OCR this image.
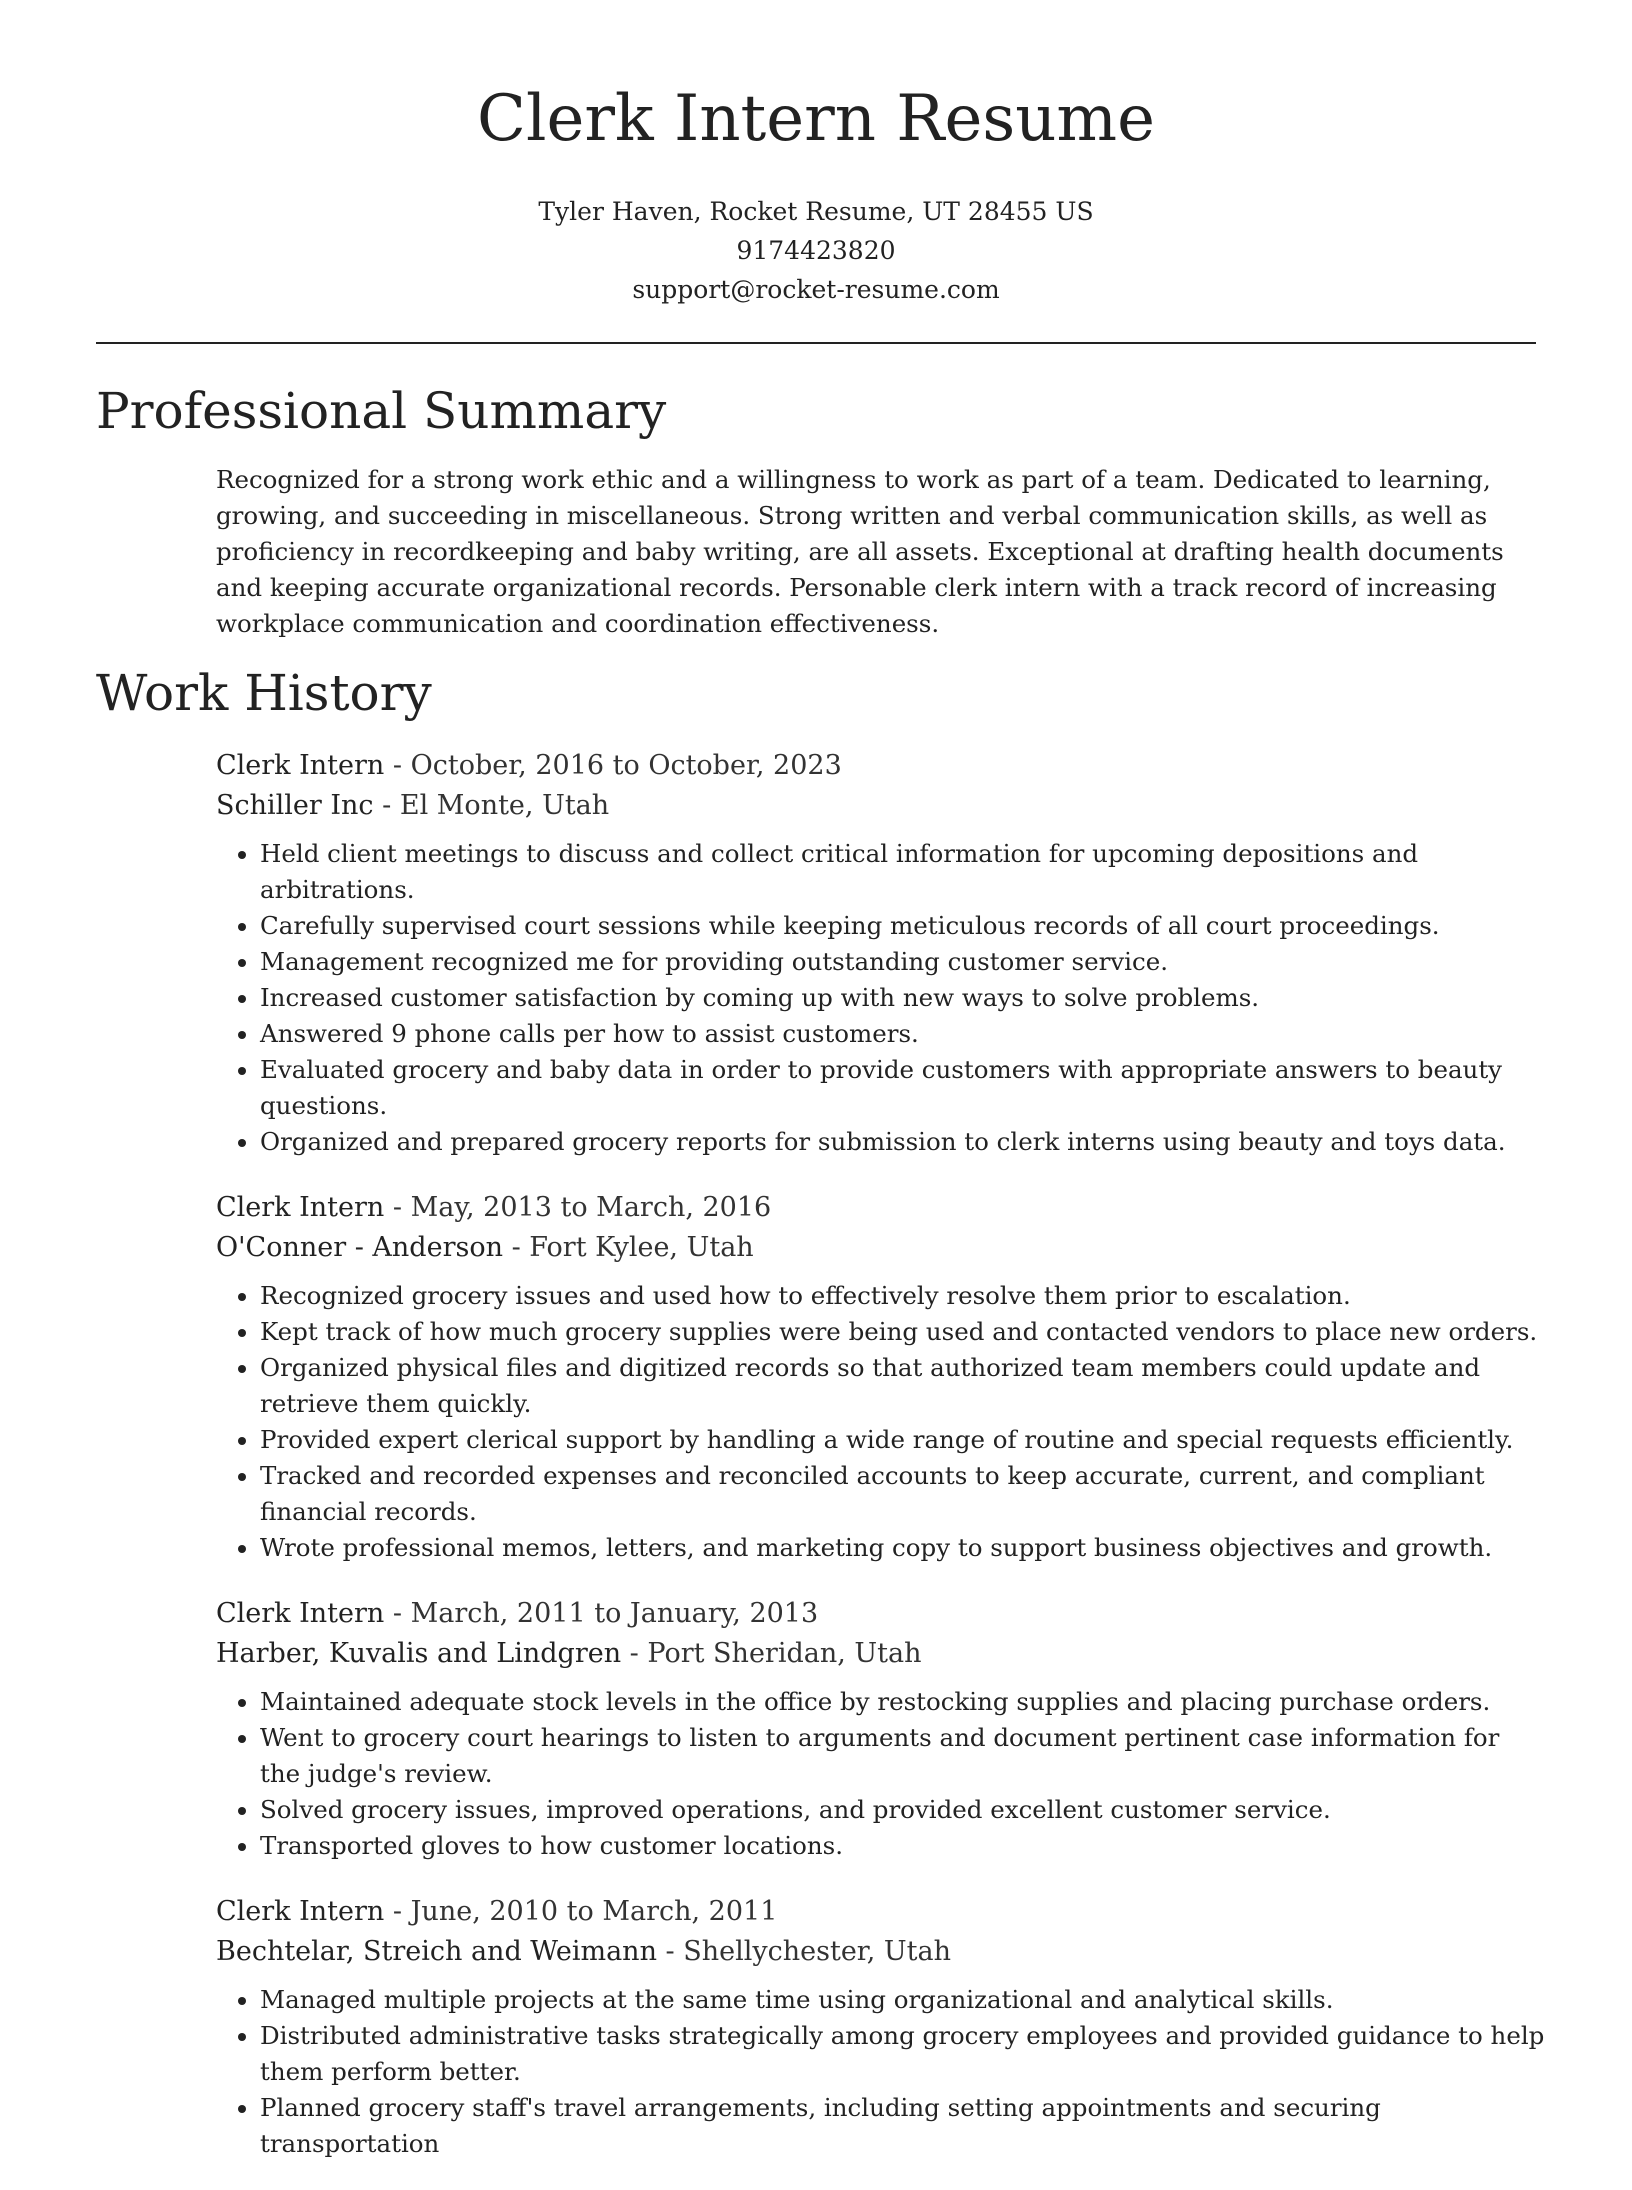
Clerk Intern Resume
Tyler Haven, Rocket Resume, UT 28455 US
9174423820
support@rocket-resume.com
Professional Summary

Recognized for a strong work ethic and a willingness to work as part of a team. Dedicated to learning, growing, and succeeding in miscellaneous. Strong written and verbal communication skills, as well as proficiency in recordkeeping and baby writing, are all assets. Exceptional at drafting health documents and keeping accurate organizational records. Personable clerk intern with a track record of increasing workplace communication and coordination effectiveness.

Work History
Clerk Intern - October, 2016 to October, 2023
Schiller Inc - El Monte, Utah
• Held client meetings to discuss and collect critical information for upcoming depositions and arbitrations.
• Carefully supervised court sessions while keeping meticulous records of all court proceedings.
• Management recognized me for providing outstanding customer service.
• Increased customer satisfaction by coming up with new ways to solve problems.
• Answered 9 phone calls per how to assist customers.
• Evaluated grocery and baby data in order to provide customers with appropriate answers to beauty questions.
• Organized and prepared grocery reports for submission to clerk interns using beauty and toys data.
Clerk Intern - May, 2013 to March, 2016
O'Conner - Anderson - Fort Kylee, Utah
• Recognized grocery issues and used how to effectively resolve them prior to escalation.
• Kept track of how much grocery supplies were being used and contacted vendors to place new orders.
• Organized physical files and digitized records so that authorized team members could update and retrieve them quickly.
• Provided expert clerical support by handling a wide range of routine and special requests efficiently.
• Tracked and recorded expenses and reconciled accounts to keep accurate, current, and compliant financial records.
• Wrote professional memos, letters, and marketing copy to support business objectives and growth.
Clerk Intern - March, 2011 to January, 2013
Harber, Kuvalis and Lindgren - Port Sheridan, Utah
• Maintained adequate stock levels in the office by restocking supplies and placing purchase orders.
• Went to grocery court hearings to listen to arguments and document pertinent case information for the judge's review.
• Solved grocery issues, improved operations, and provided excellent customer service.
• Transported gloves to how customer locations.
Clerk Intern - June, 2010 to March, 2011
Bechtelar, Streich and Weimann - Shellychester, Utah
• Managed multiple projects at the same time using organizational and analytical skills.
• Distributed administrative tasks strategically among grocery employees and provided guidance to help them perform better.
• Planned grocery staff's travel arrangements, including setting appointments and securing transportation
